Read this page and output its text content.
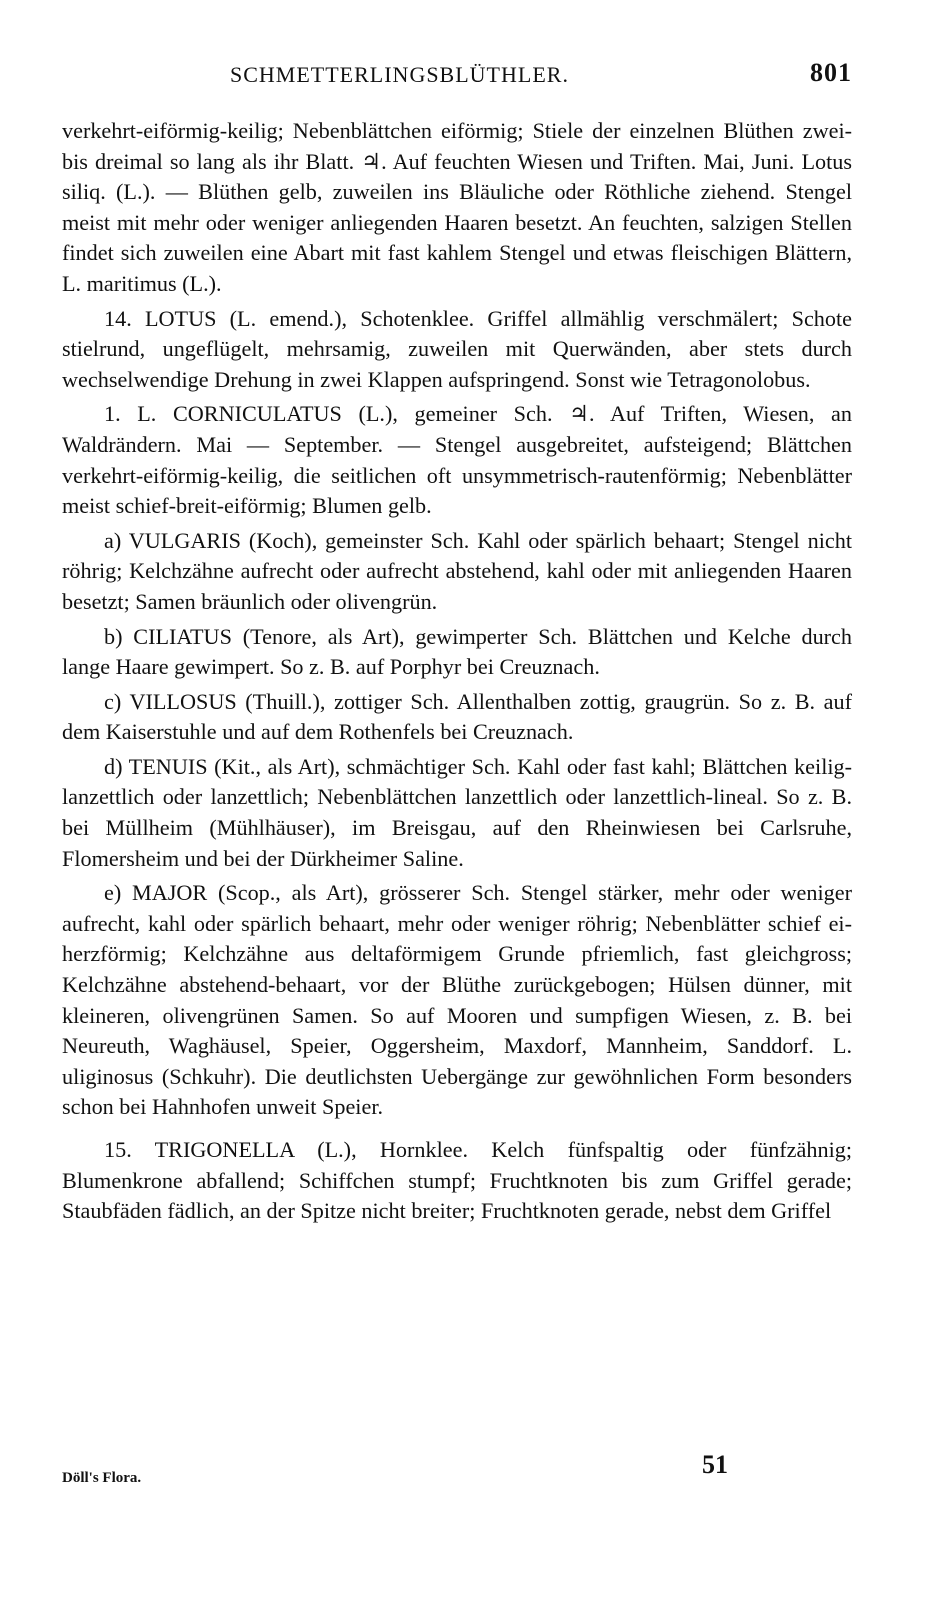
SCHMETTERLINGSBLÜTHLER.	801

verkehrt-eiförmig-keilig; Nebenblättchen eiförmig; Stiele der einzelnen Blüthen zwei- bis dreimal so lang als ihr Blatt. ♃. Auf feuchten Wiesen und Triften. Mai, Juni. Lotus siliq. (L.). — Blüthen gelb, zuweilen ins Bläuliche oder Röthliche ziehend. Stengel meist mit mehr oder weniger anliegenden Haaren besetzt. An feuchten, salzigen Stellen findet sich zuweilen eine Abart mit fast kahlem Stengel und etwas fleischigen Blättern, L. maritimus (L.).

14. LOTUS (L. emend.), Schotenklee. Griffel allmählig verschmälert; Schote stielrund, ungeflügelt, mehrsamig, zuweilen mit Querwänden, aber stets durch wechselwendige Drehung in zwei Klappen aufspringend. Sonst wie Tetragonolobus.

1. L. CORNICULATUS (L.), gemeiner Sch. ♃. Auf Triften, Wiesen, an Waldrändern. Mai — September. — Stengel ausgebreitet, aufsteigend; Blättchen verkehrt-eiförmig-keilig, die seitlichen oft unsymmetrisch-rautenförmig; Nebenblätter meist schief-breit-eiförmig; Blumen gelb.

a) VULGARIS (Koch), gemeinster Sch. Kahl oder spärlich behaart; Stengel nicht röhrig; Kelchzähne aufrecht oder aufrecht abstehend, kahl oder mit anliegenden Haaren besetzt; Samen bräunlich oder olivengrün.

b) CILIATUS (Tenore, als Art), gewimperter Sch. Blättchen und Kelche durch lange Haare gewimpert. So z. B. auf Porphyr bei Creuznach.

c) VILLOSUS (Thuill.), zottiger Sch. Allenthalben zottig, graugrün. So z. B. auf dem Kaiserstuhle und auf dem Rothenfels bei Creuznach.

d) TENUIS (Kit., als Art), schmächtiger Sch. Kahl oder fast kahl; Blättchen keilig-lanzettlich oder lanzettlich; Nebenblättchen lanzettlich oder lanzettlich-lineal. So z. B. bei Müllheim (Mühlhäuser), im Breisgau, auf den Rheinwiesen bei Carlsruhe, Flomersheim und bei der Dürkheimer Saline.

e) MAJOR (Scop., als Art), grösserer Sch. Stengel stärker, mehr oder weniger aufrecht, kahl oder spärlich behaart, mehr oder weniger röhrig; Nebenblätter schief ei-herzförmig; Kelchzähne aus deltaförmigem Grunde pfriemlich, fast gleichgross; Kelchzähne abstehend-behaart, vor der Blüthe zurückgebogen; Hülsen dünner, mit kleineren, olivengrünen Samen. So auf Mooren und sumpfigen Wiesen, z. B. bei Neureuth, Waghäusel, Speier, Oggersheim, Maxdorf, Mannheim, Sanddorf. L. uliginosus (Schkuhr). Die deutlichsten Uebergänge zur gewöhnlichen Form besonders schon bei Hahnhofen unweit Speier.

15. TRIGONELLA (L.), Hornklee. Kelch fünfspaltig oder fünfzähnig; Blumenkrone abfallend; Schiffchen stumpf; Fruchtknoten bis zum Griffel gerade; Staubfäden fädlich, an der Spitze nicht breiter; Fruchtknoten gerade, nebst dem Griffel

Döll's Flora.	51
